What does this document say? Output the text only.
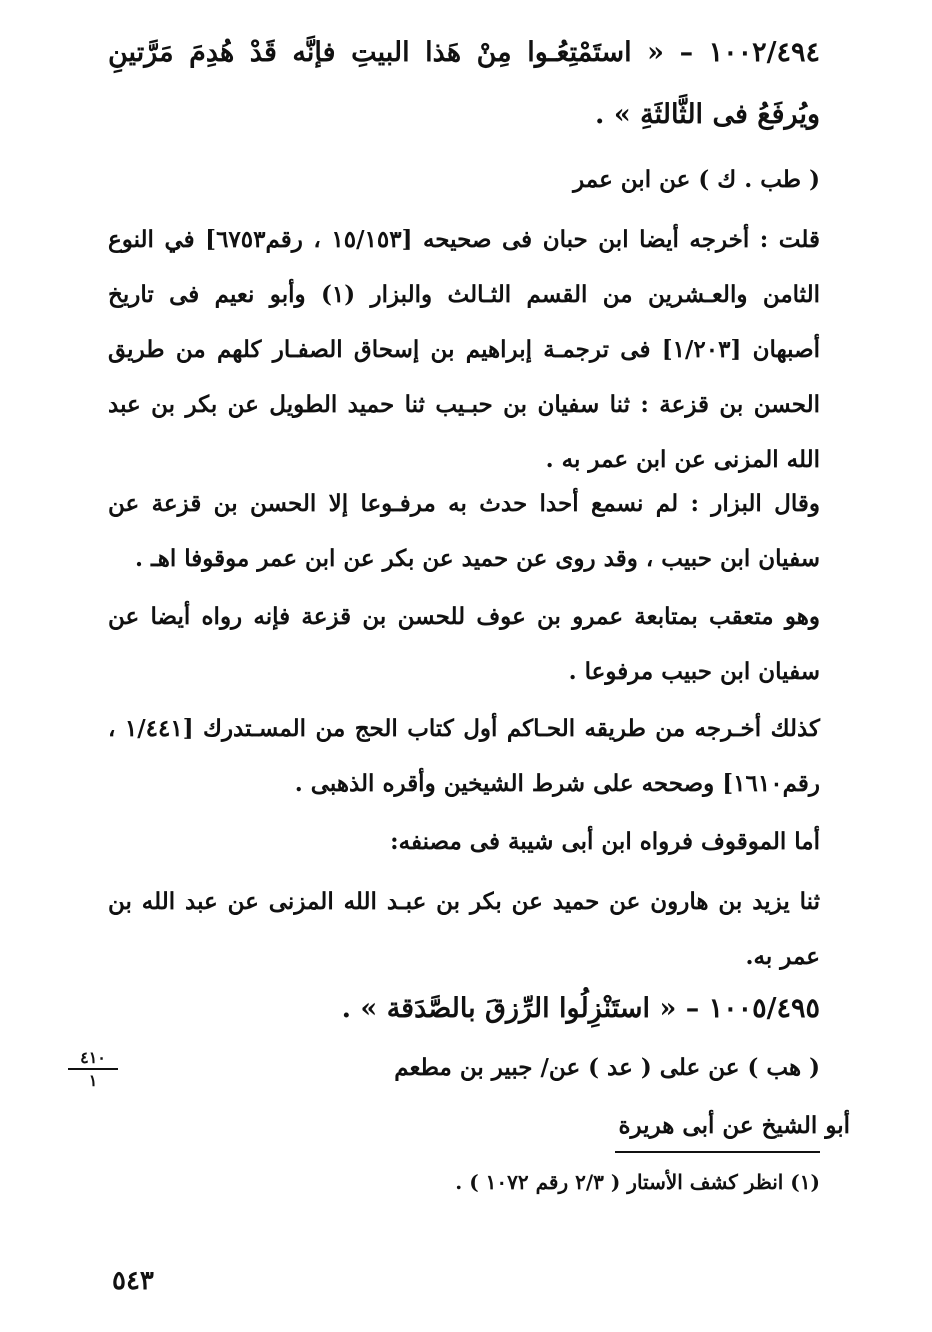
١٠٠٢/٤٩٤ – « استَمْتِعُـوا مِنْ هَذا البيتِ فإنَّه قَدْ هُدِمَ مَرَّتينِ ويُرفَعُ فى الثَّالثَةِ » .

( طب . ك ) عن ابن عمر

قلت : أخرجه أيضا ابن حبان فى صحيحه [١٥/١٥٣ ، رقم٦٧٥٣] في النوع الثامن والعـشرين من القسم الثـالث والبزار (١) وأبو نعيم فى تاريخ أصبهان [١/٢٠٣] فى ترجمـة إبراهيم بن إسحاق الصفـار كلهم من طريق الحسن بن قزعة : ثنا سفيان بن حبـيب ثنا حميد الطويل عن بكر بن عبد الله المزنى عن ابن عمر به .

وقال البزار : لم نسمع أحدا حدث به مرفـوعا إلا الحسن بن قزعة عن سفيان ابن حبيب ، وقد روى عن حميد عن بكر عن ابن عمر موقوفا اهـ .

وهو متعقب بمتابعة عمرو بن عوف للحسن بن قزعة فإنه رواه أيضا عن سفيان ابن حبيب مرفوعا .

كذلك أخـرجه من طريقه الحـاكم أول كتاب الحج من المسـتدرك [١/٤٤١ ، رقم١٦١٠] وصححه على شرط الشيخين وأقره الذهبى .

أما الموقوف فرواه ابن أبى شيبة فى مصنفه:

ثنا يزيد بن هارون عن حميد عن بكر بن عبـد الله المزنى عن عبد الله بن عمر به.

١٠٠٥/٤٩٥ – « استَنْزِلُوا الرِّزقَ بالصَّدَقة » .

( هب ) عن على ( عد ) عن/ جبير بن مطعم

أبو الشيخ عن أبى هريرة

٤١٠
١

(١) انظر كشف الأستار ( ٢/٣ رقم ١٠٧٢ ) .

٥٤٣
